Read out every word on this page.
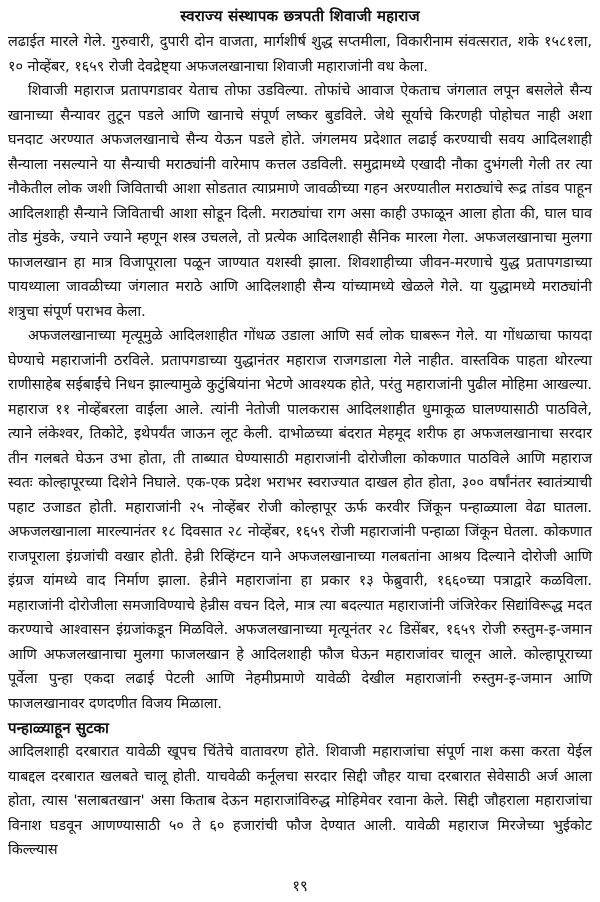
स्वराज्य संस्थापक छत्रपती शिवाजी महाराज

लढाईत मारले गेले. गुरुवारी, दुपारी दोन वाजता, मार्गशीर्ष शुद्ध सप्तमीला, विकारीनाम संवत्सरात, शके १५८१ला, १० नोव्हेंबर, १६५९ रोजी देवद्रेष्ट्या अफजलखानाचा शिवाजी महाराजांनी वध केला.

शिवाजी महाराज प्रतापगडावर येताच तोफा उडविल्या. तोफांचे आवाज ऐकताच जंगलात लपून बसलेले सैन्य खानाच्या सैन्यावर तुटून पडले आणि खानाचे संपूर्ण लष्कर बुडविले. जेथे सूर्याचे किरणही पोहोचत नाही अशा घनदाट अरण्यात अफजलखानाचे सैन्य येऊन पडले होते. जंगलमय प्रदेशात लढाई करण्याची सवय आदिलशाही सैन्याला नसल्याने या सैन्याची मराठ्यांनी वारेमाप कत्तल उडविली. समुद्रामध्ये एखादी नौका दुभंगली गेली तर त्या नौकेतील लोक जशी जिविताची आशा सोडतात त्याप्रमाणे जावळीच्या गहन अरण्यातील मराठ्यांचे रूद्र तांडव पाहून आदिलशाही सैन्याने जिविताची आशा सोडून दिली. मराठ्यांचा राग असा काही उफाळून आला होता की, घाल घाव तोड मुंडके, ज्याने ज्याने म्हणून शस्त्र उचलले, तो प्रत्येक आदिलशाही सैनिक मारला गेला. अफजलखानाचा मुलगा फाजलखान हा मात्र विजापूराला पळून जाण्यात यशस्वी झाला. शिवशाहीच्या जीवन-मरणाचे युद्ध प्रतापगडाच्या पायथ्याला जावळीच्या जंगलात मराठे आणि आदिलशाही सैन्य यांच्यामध्ये खेळले गेले. या युद्धामध्ये मराठ्यांनी शत्रुचा संपूर्ण पराभव केला.

अफजलखानाच्या मृत्यूमुळे आदिलशाहीत गोंधळ उडाला आणि सर्व लोक घाबरून गेले. या गोंधळाचा फायदा घेण्याचे महाराजांनी ठरविले. प्रतापगडाच्या युद्धानंतर महाराज राजगडाला गेले नाहीत. वास्तविक पाहता थोरल्या राणीसाहेब सईबाईंचे निधन झाल्यामुळे कुटुंबियांना भेटणे आवश्यक होते, परंतु महाराजांनी पुढील मोहिमा आखल्या. महाराज ११ नोव्हेंबरला वाईला आले. त्यांनी नेतोजी पालकरास आदिलशाहीत धुमाकूळ घालण्यासाठी पाठविले, त्याने लंकेश्वर, तिकोटे, इथेपर्यंत जाऊन लूट केली. दाभोळच्या बंदरात मेहमूद शरीफ हा अफजलखानाचा सरदार तीन गलबते घेऊन उभा होता, ती ताब्यात घेण्यासाठी महाराजांनी दोरोजीला कोकणात पाठविले आणि महाराज स्वतः कोल्हापूरच्या दिशेने निघाले. एक-एक प्रदेश भराभर स्वराज्यात दाखल होत होता, ३०० वर्षांनंतर स्वातंत्र्याची पहाट उजाडत होती. महाराजांनी २५ नोव्हेंबर रोजी कोल्हापूर ऊर्फ करवीर जिंकून पन्हाळ्याला वेढा घातला. अफजलखानाला मारल्यानंतर १८ दिवसात २८ नोव्हेंबर, १६५९ रोजी महाराजांनी पन्हाळा जिंकून घेतला. कोकणात राजपूराला इंग्रजांची वखार होती. हेन्री रिव्हिंग्टन याने अफजलखानाच्या गलबतांना आश्रय दिल्याने दोरोजी आणि इंग्रज यांमध्ये वाद निर्माण झाला. हेन्रीने महाराजांना हा प्रकार १३ फेब्रुवारी, १६६०च्या पत्राद्वारे कळविला. महाराजांनी दोरोजीला समजाविण्याचे हेन्रीस वचन दिले, मात्र त्या बदल्यात महाराजांनी जंजिरेकर सिद्यांविरूद्ध मदत करण्याचे आश्वासन इंग्रजांकडून मिळविले. अफजलखानाच्या मृत्यूनंतर २८ डिसेंबर, १६५९ रोजी रुस्तुम-इ-जमान आणि अफजलखानाचा मुलगा फाजलखान हे आदिलशाही फौज घेऊन महाराजांवर चालून आले. कोल्हापूराच्या पूर्वेला पुन्हा एकदा लढाई पेटली आणि नेहमीप्रमाणे यावेळी देखील महाराजांनी रुस्तुम-इ-जमान आणि फाजलखानावर दणदणीत विजय मिळाला.

पन्हाळ्याहून सुटका

आदिलशाही दरबारात यावेळी खूपच चिंतेचे वातावरण होते. शिवाजी महाराजांचा संपूर्ण नाश कसा करता येईल याबद्दल दरबारात खलबते चालू होती. याचवेळी कर्नूलचा सरदार सिद्दी जौहर याचा दरबारात सेवेसाठी अर्ज आला होता, त्यास 'सलाबतखान' असा किताब देऊन महाराजांविरुद्ध मोहिमेवर रवाना केले. सिद्दी जौहराला महाराजांचा विनाश घडवून आणण्यासाठी ५० ते ६० हजारांची फौज देण्यात आली. यावेळी महाराज मिरजेच्या भुईकोट किल्ल्यास

१९
